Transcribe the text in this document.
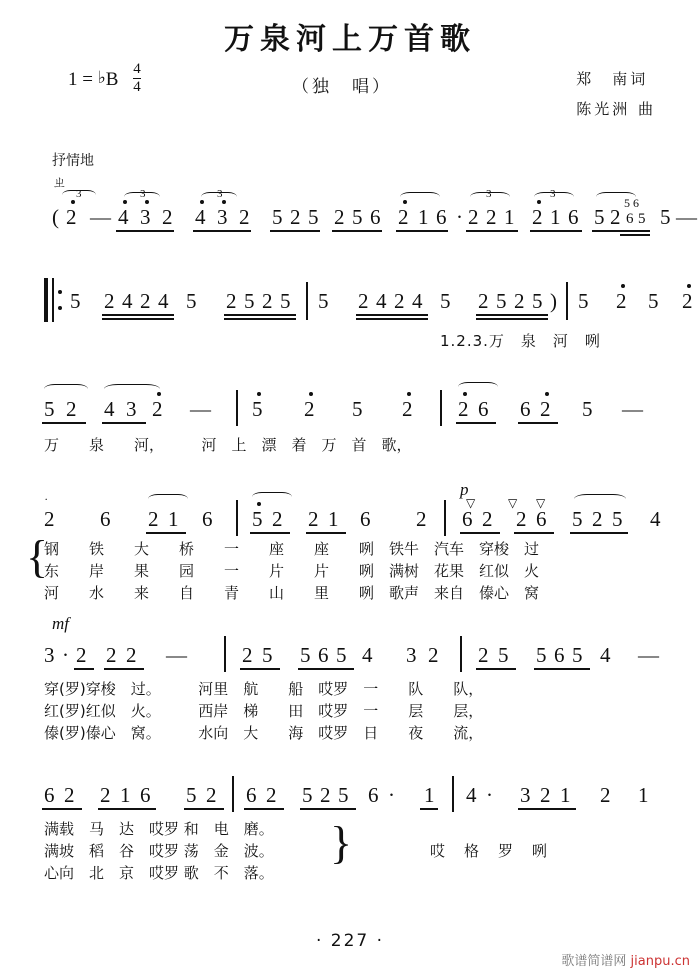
万泉河上万首歌
1 = ♭B $\frac{4}{4}$	（独　唱）	郑　南词
陈光洲 曲
抒情地
ㄓ
( 2 —
3
4 3 2
3
4 3 2
3
5 2 5 2 5 6 2 1 6 · 2 2 1
3
2 1 6
3
5 2 6 5
5 6
5 —
5 2 4 2 4 5 2 5 2 5 5 2 4 2 4 5 2 5 2 5 ) 5 2 5 2
1.2.3.万　泉　河　咧
5 2 4 3 2 — 5 2 5 2 2 6 6 2 5 —
万　　泉　　河，　　　河　上　漂　着　万　首　歌，
p
˙
2 6 2 1 6 5 2 2 1 6 2 6 2
▽
2 6
▽ ▽
5 2 5 4
{
钢　　铁　　大　　桥　　一　　座　　座　　咧　铁牛　汽车　穿梭　过
东　　岸　　果　　园　　一　　片　　片　　咧　满树　花果　红似　火
河　　水　　来　　自　　青　　山　　里　　咧　歌声　来自　傣心　窝
mf
3 · 2 2 2 —	2 5 5 6 5 4 3 2 2 5 5 6 5 4 —
穿(罗)穿梭　过。　　　河里　航　　船　哎罗　一　　队　　队，
红(罗)红似　火。　　　西岸　梯　　田　哎罗　一　　层　　层，
傣(罗)傣心　窝。　　　水向　大　　海　哎罗　日　　夜　　流，
6 2 2 1 6 5 2 6 2 5 2 5 6 · 1 4 · 3 2 1 2 1
满载　马　达　哎罗 和　电　磨。
满坡　稻　谷　哎罗 荡　金　波。
心向　北　京　哎罗 歌　不　落。
}	哎　格　罗　咧
· 227 ·
歌谱简谱网 jianpu.cn
